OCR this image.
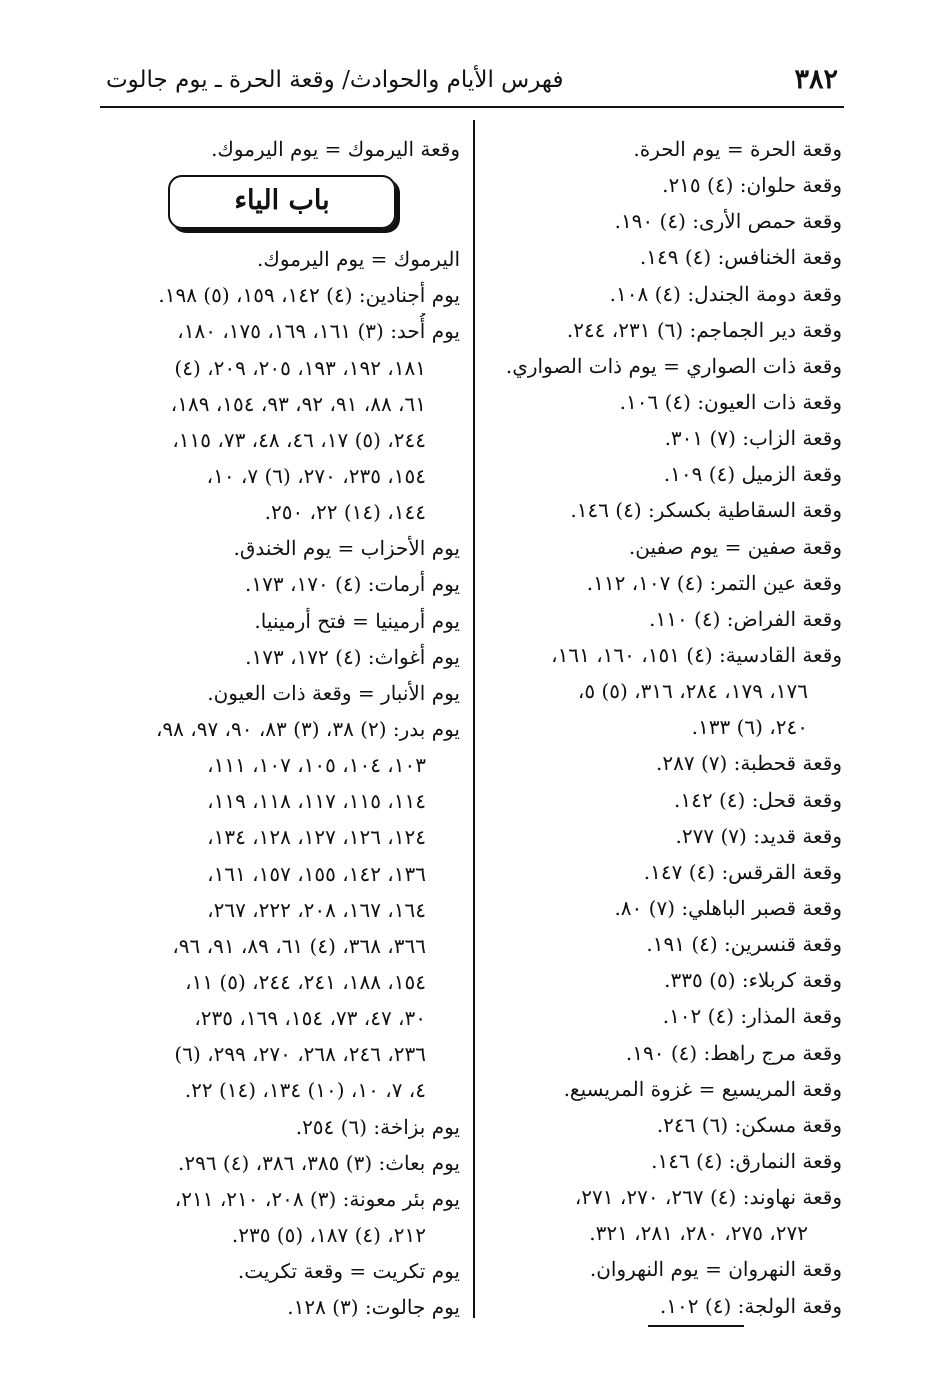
٣٨٢
فهرس الأيام والحوادث/ وقعة الحرة ـ يوم جالوت
وقعة الحرة = يوم الحرة.
وقعة حلوان: (٤) ٢١٥.
وقعة حمص الأرى: (٤) ١٩٠.
وقعة الخنافس: (٤) ١٤٩.
وقعة دومة الجندل: (٤) ١٠٨.
وقعة دير الجماجم: (٦) ٢٣١، ٢٤٤.
وقعة ذات الصواري = يوم ذات الصواري.
وقعة ذات العيون: (٤) ١٠٦.
وقعة الزاب: (٧) ٣٠١.
وقعة الزميل (٤) ١٠٩.
وقعة السقاطية بكسكر: (٤) ١٤٦.
وقعة صفين = يوم صفين.
وقعة عين التمر: (٤) ١٠٧، ١١٢.
وقعة الفراض: (٤) ١١٠.
وقعة القادسية: (٤) ١٥١، ١٦٠، ١٦١،
١٧٦، ١٧٩، ٢٨٤، ٣١٦، (٥) ٥،
٢٤٠، (٦) ١٣٣.
وقعة قحطبة: (٧) ٢٨٧.
وقعة قحل: (٤) ١٤٢.
وقعة قديد: (٧) ٢٧٧.
وقعة القرقس: (٤) ١٤٧.
وقعة قصبر الباهلي: (٧) ٨٠.
وقعة قنسرين: (٤) ١٩١.
وقعة كربلاء: (٥) ٣٣٥.
وقعة المذار: (٤) ١٠٢.
وقعة مرج راهط: (٤) ١٩٠.
وقعة المريسيع = غزوة المريسيع.
وقعة مسكن: (٦) ٢٤٦.
وقعة النمارق: (٤) ١٤٦.
وقعة نهاوند: (٤) ٢٦٧، ٢٧٠، ٢٧١،
٢٧٢، ٢٧٥، ٢٨٠، ٢٨١، ٣٢١.
وقعة النهروان = يوم النهروان.
وقعة الولجة: (٤) ١٠٢.
وقعة اليرموك = يوم اليرموك.
باب الياء
اليرموك = يوم اليرموك.
يوم أجنادين: (٤) ١٤٢، ١٥٩، (٥) ١٩٨.
يوم أُحد: (٣) ١٦١، ١٦٩، ١٧٥، ١٨٠،
١٨١، ١٩٢، ١٩٣، ٢٠٥، ٢٠٩، (٤)
٦١، ٨٨، ٩١، ٩٢، ٩٣، ١٥٤، ١٨٩،
٢٤٤، (٥) ١٧، ٤٦، ٤٨، ٧٣، ١١٥،
١٥٤، ٢٣٥، ٢٧٠، (٦) ٧، ١٠،
١٤٤، (١٤) ٢٢، ٢٥٠.
يوم الأحزاب = يوم الخندق.
يوم أرمات: (٤) ١٧٠، ١٧٣.
يوم أرمينيا = فتح أرمينيا.
يوم أغواث: (٤) ١٧٢، ١٧٣.
يوم الأنبار = وقعة ذات العيون.
يوم بدر: (٢) ٣٨، (٣) ٨٣، ٩٠، ٩٧، ٩٨،
١٠٣، ١٠٤، ١٠٥، ١٠٧، ١١١،
١١٤، ١١٥، ١١٧، ١١٨، ١١٩،
١٢٤، ١٢٦، ١٢٧، ١٢٨، ١٣٤،
١٣٦، ١٤٢، ١٥٥، ١٥٧، ١٦١،
١٦٤، ١٦٧، ٢٠٨، ٢٢٢، ٢٦٧،
٣٦٦، ٣٦٨، (٤) ٦١، ٨٩، ٩١، ٩٦،
١٥٤، ١٨٨، ٢٤١، ٢٤٤، (٥) ١١،
٣٠، ٤٧، ٧٣، ١٥٤، ١٦٩، ٢٣٥،
٢٣٦، ٢٤٦، ٢٦٨، ٢٧٠، ٢٩٩، (٦)
٤، ٧، ١٠، (١٠) ١٣٤، (١٤) ٢٢.
يوم بزاخة: (٦) ٢٥٤.
يوم بعاث: (٣) ٣٨٥، ٣٨٦، (٤) ٢٩٦.
يوم بئر معونة: (٣) ٢٠٨، ٢١٠، ٢١١،
٢١٢، (٤) ١٨٧، (٥) ٢٣٥.
يوم تكريت = وقعة تكريت.
يوم جالوت: (٣) ١٢٨.
